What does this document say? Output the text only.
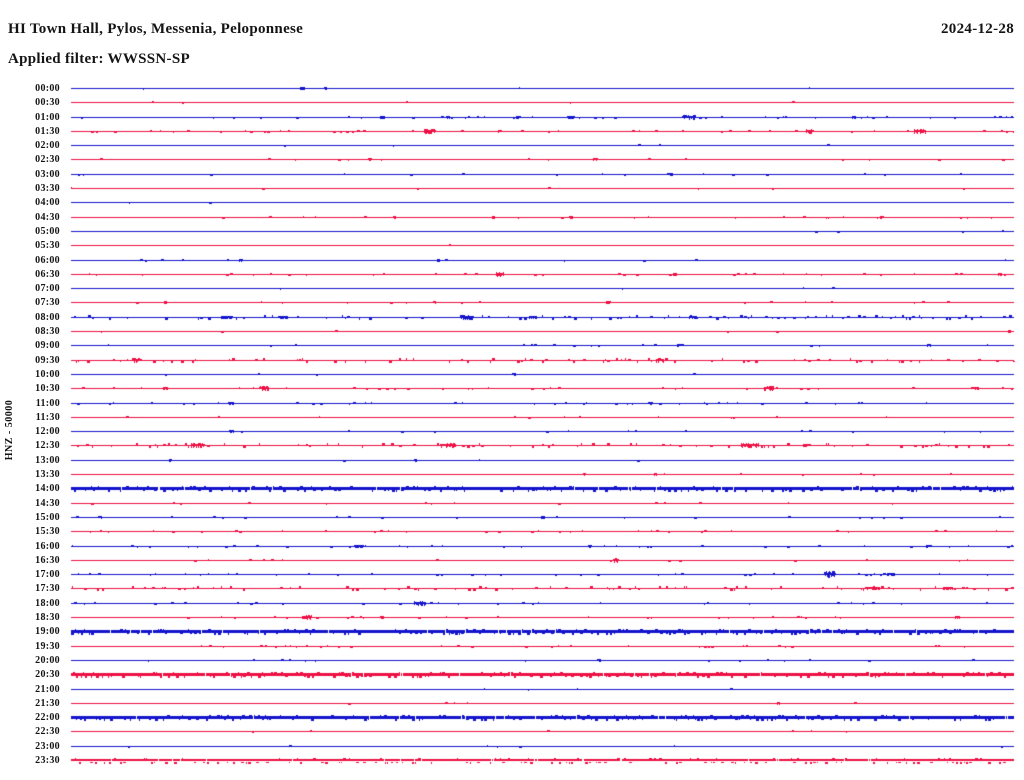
HI Town Hall, Pylos, Messenia, Peloponnese	2024-12-28
Applied filter: WWSSN-SP
HNZ - 50000
00:00
00:30
01:00
01:30
02:00
02:30
03:00
03:30
04:00
04:30
05:00
05:30
06:00
06:30
07:00
07:30
08:00
08:30
09:00
09:30
10:00
10:30
11:00
11:30
12:00
12:30
13:00
13:30
14:00
14:30
15:00
15:30
16:00
16:30
17:00
17:30
18:00
18:30
19:00
19:30
20:00
20:30
21:00
21:30
22:00
22:30
23:00
23:30
